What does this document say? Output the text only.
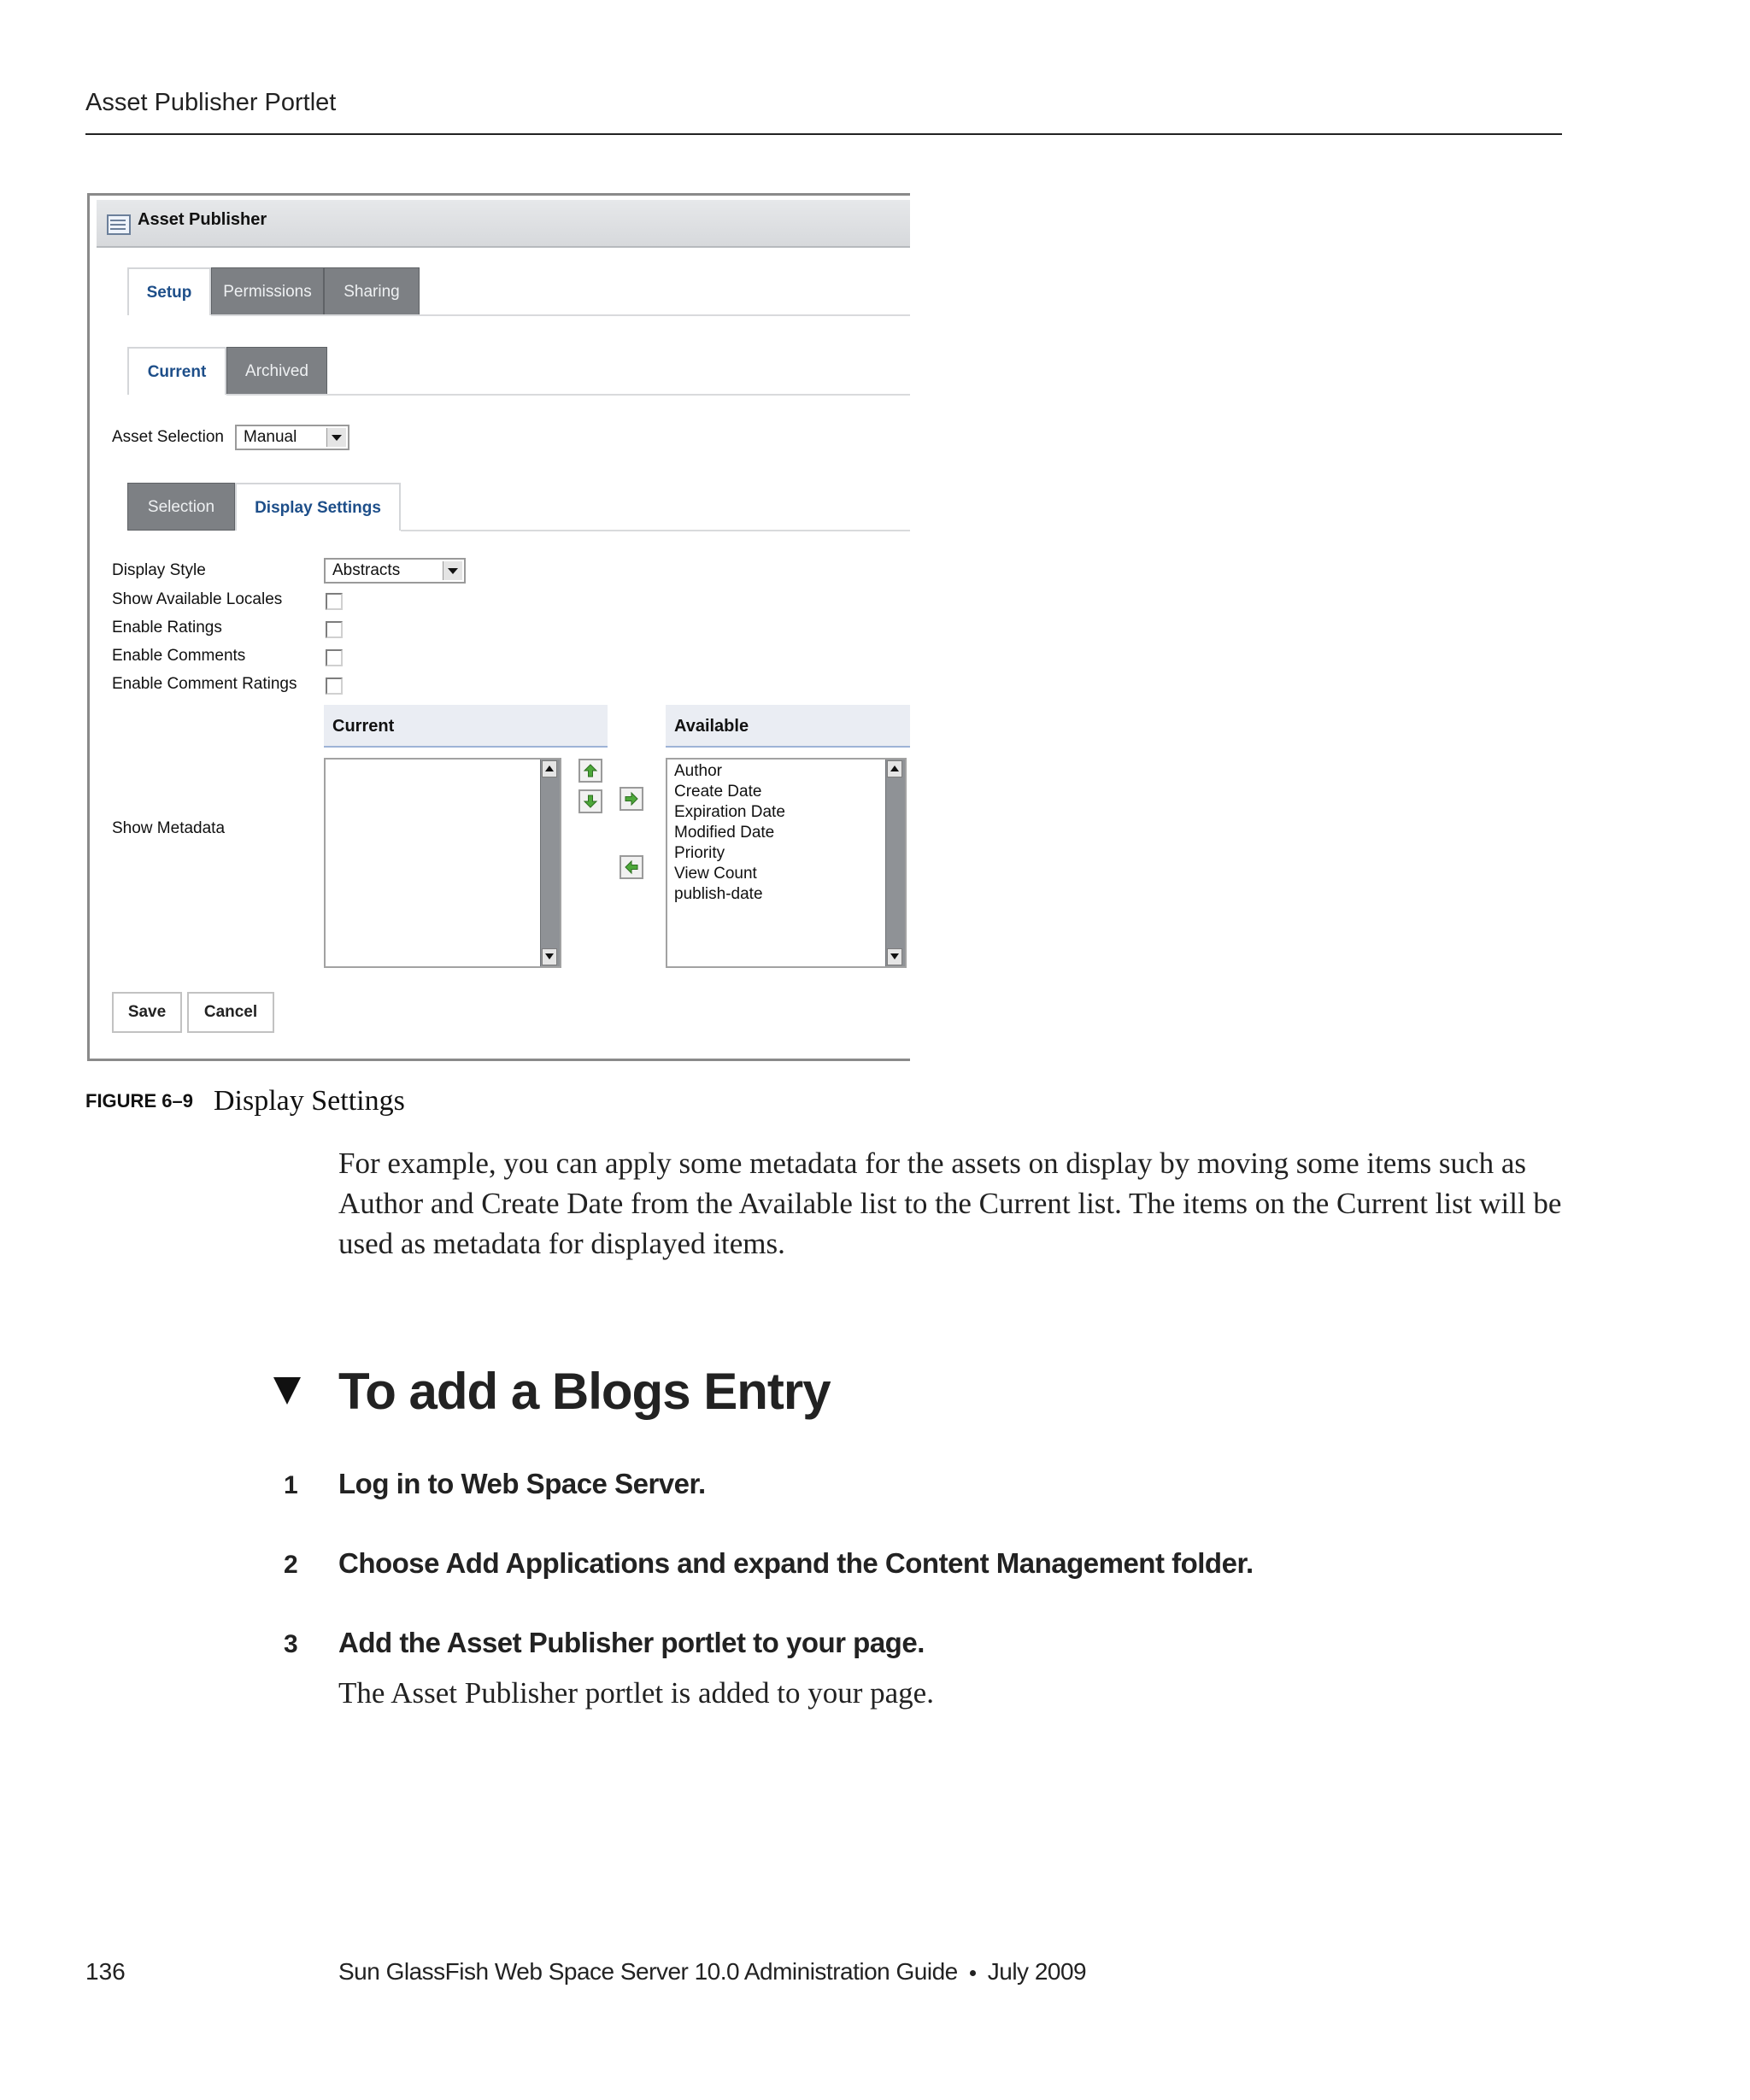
Asset Publisher Portlet
Asset Publisher
Setup	Permissions	Sharing
Current	Archived
Asset Selection	Manual
Selection	Display Settings
Display Style	Abstracts
Show Available Locales
Enable Ratings
Enable Comments
Enable Comment Ratings
Show Metadata
Current	Available
Author
Create Date
Expiration Date
Modified Date
Priority
View Count
publish-date
Save	Cancel
FIGURE 6–9 Display Settings
For example, you can apply some metadata for the assets on display by moving some items such as Author and Create Date from the Available list to the Current list. The items on the Current list will be used as metadata for displayed items.
To add a Blogs Entry
1 Log in to Web Space Server.
2 Choose Add Applications and expand the Content Management folder.
3 Add the Asset Publisher portlet to your page.
The Asset Publisher portlet is added to your page.
136	Sun GlassFish Web Space Server 10.0 Administration Guide July 2009
